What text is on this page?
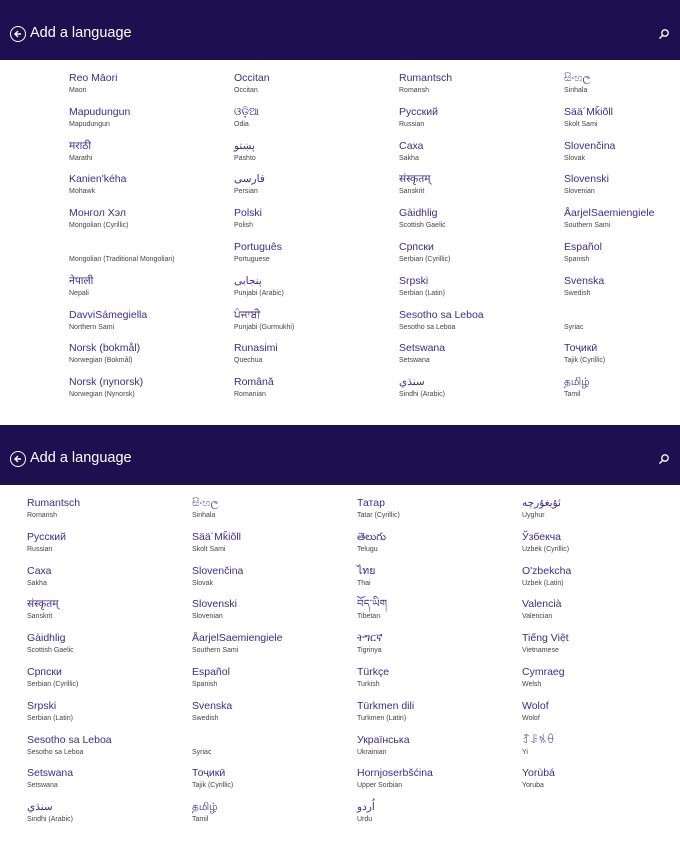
Add a language
Reo Māori
Maori
Mapudungun
Mapudungun
मराठी
Marathi
Kanien'kéha
Mohawk
Монгол Хэл
Mongolian (Cyrillic)
Mongolian (Traditional Mongolian)
नेपाली
Nepali
DavviSámegiella
Northern Sami
Norsk (bokmål)
Norwegian (Bokmål)
Norsk (nynorsk)
Norwegian (Nynorsk)
Occitan
Occitan
ଓଡ଼ିଆ
Odia
پښتو
Pashto
فارسى
Persian
Polski
Polish
Português
Portuguese
پنجابی
Punjabi (Arabic)
ਪੰਜਾਬੀ
Punjabi (Gurmukhi)
Runasimi
Quechua
Română
Romanian
Rumantsch
Romansh
Русский
Russian
Саха
Sakha
संस्कृतम्
Sanskrit
Gàidhlig
Scottish Gaelic
Српски
Serbian (Cyrillic)
Srpski
Serbian (Latin)
Sesotho sa Leboa
Sesotho sa Leboa
Setswana
Setswana
سنڌي
Sindhi (Arabic)
සිංහල
Sinhala
Sää´Mǩiõll
Skolt Sami
Slovenčina
Slovak
Slovenski
Slovenian
ÅarjelSaemiengiele
Southern Sami
Español
Spanish
Svenska
Swedish
Syriac
Тоҷикӣ
Tajik (Cyrillic)
தமிழ்
Tamil
Add a language
Rumantsch
Romansh
Русский
Russian
Саха
Sakha
संस्कृतम्
Sanskrit
Gàidhlig
Scottish Gaelic
Српски
Serbian (Cyrillic)
Srpski
Serbian (Latin)
Sesotho sa Leboa
Sesotho sa Leboa
Setswana
Setswana
سنڌي
Sindhi (Arabic)
සිංහල
Sinhala
Sää´Mǩiõll
Skolt Sami
Slovenčina
Slovak
Slovenski
Slovenian
ÅarjelSaemiengiele
Southern Sami
Español
Spanish
Svenska
Swedish
Syriac
Тоҷикӣ
Tajik (Cyrillic)
தமிழ்
Tamil
Татар
Tatar (Cyrillic)
తెలుగు
Telugu
ไทย
Thai
བོད་ཡིག
Tibetan
ትግርኛ
Tigrinya
Türkçe
Turkish
Türkmen dili
Turkmen (Latin)
Українська
Ukrainian
Hornjoserbšćina
Upper Sorbian
اُردو
Urdu
ئۇيغۇرچە
Uyghur
Ўзбекча
Uzbek (Cyrillic)
O'zbekcha
Uzbek (Latin)
Valencià
Valencian
Tiếng Việt
Vietnamese
Cymraeg
Welsh
Wolof
Wolof
ꆈꌠꁱꂷ
Yi
Yorùbá
Yoruba
